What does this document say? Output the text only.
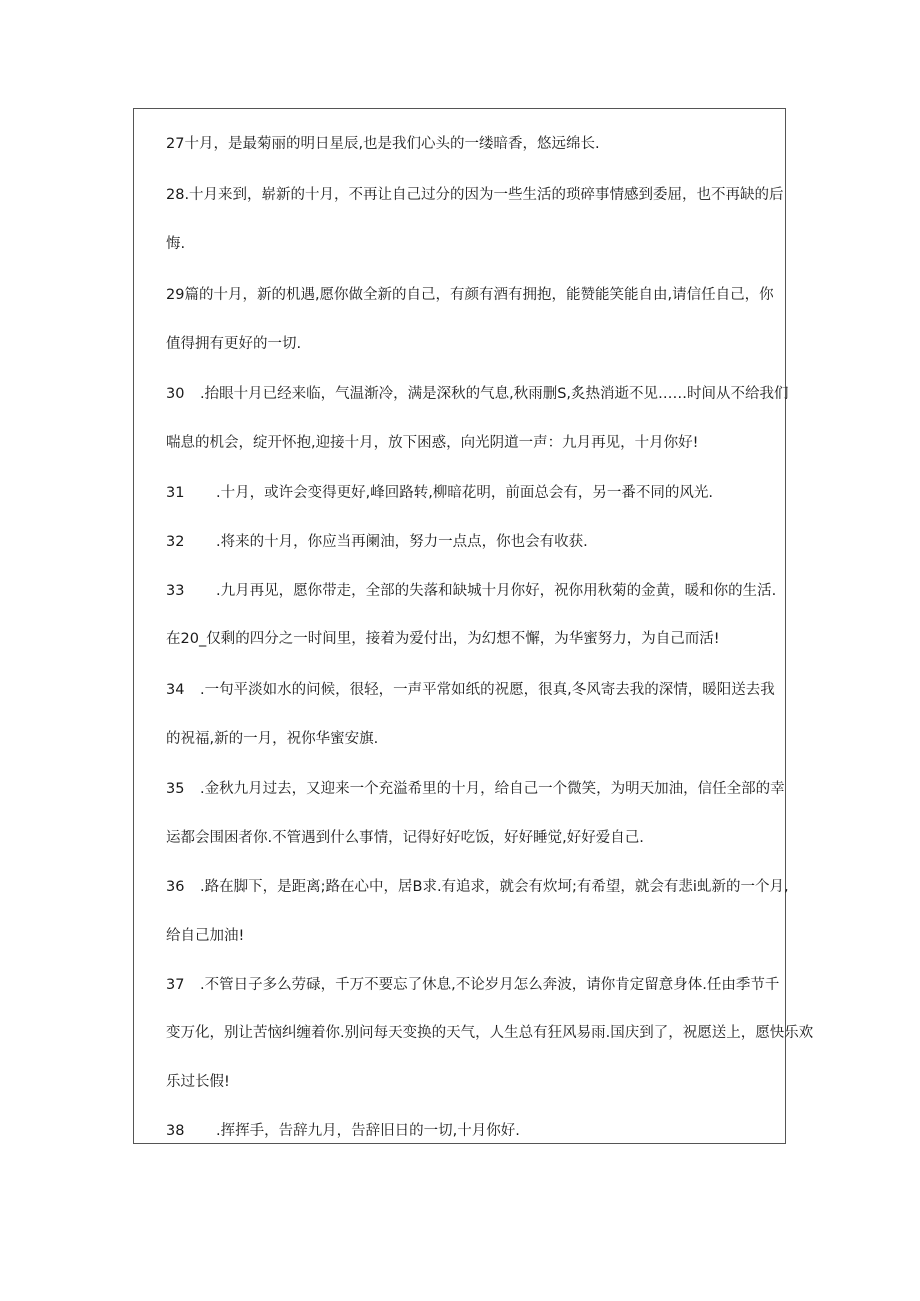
27十月，是最菊丽的明日星辰,也是我们心头的一缕暗香，悠远绵长.
28.十月来到，崭新的十月，不再让自己过分的因为一些生活的琐碎事情感到委屈，也不再缺的后
悔.
29篇的十月，新的机遇,愿你做全新的自己，有颜有酒有拥抱，能赞能笑能自由,请信任自己，你
值得拥有更好的一切.
30 .抬眼十月已经来临，气温渐冷，满是深秋的气息,秋雨删S,炙热消逝不见……时间从不给我们
喘息的机会，绽开怀抱,迎接十月，放下困惑，向光阴道一声：九月再见，十月你好!
31 .十月，或许会变得更好,峰回路转,柳暗花明，前面总会有，另一番不同的风光.
32 .将来的十月，你应当再阑油，努力一点点，你也会有收获.
33 .九月再见，愿你带走，全部的失落和缺城十月你好，祝你用秋菊的金黄，暖和你的生活.
在20_仅剩的四分之一时间里，接着为爱付出，为幻想不懈，为华蜜努力，为自己而活!
34 .一句平淡如水的问候，很轻，一声平常如纸的祝愿，很真,冬风寄去我的深情，暖阳送去我
的祝福,新的一月，祝你华蜜安旗.
35 .金秋九月过去，又迎来一个充溢希里的十月，给自己一个微笑，为明天加油，信任全部的幸
运都会围困者你.不管遇到什么事情，记得好好吃饭，好好睡觉,好好爱自己.
36 .路在脚下，是距离;路在心中，居B求.有追求，就会有炊坷;有希望，就会有悲i虬新的一个月,
给自己加油!
37 .不管日子多么劳碌，千万不要忘了休息,不论岁月怎么奔波，请你肯定留意身体.任由季节千
变万化，别让苦恼纠缠着你.别问每天变换的天气，人生总有狂风易雨.国庆到了，祝愿送上，愿快乐欢
乐过长假!
38 .挥挥手，告辞九月，告辞旧日的一切,十月你好.
